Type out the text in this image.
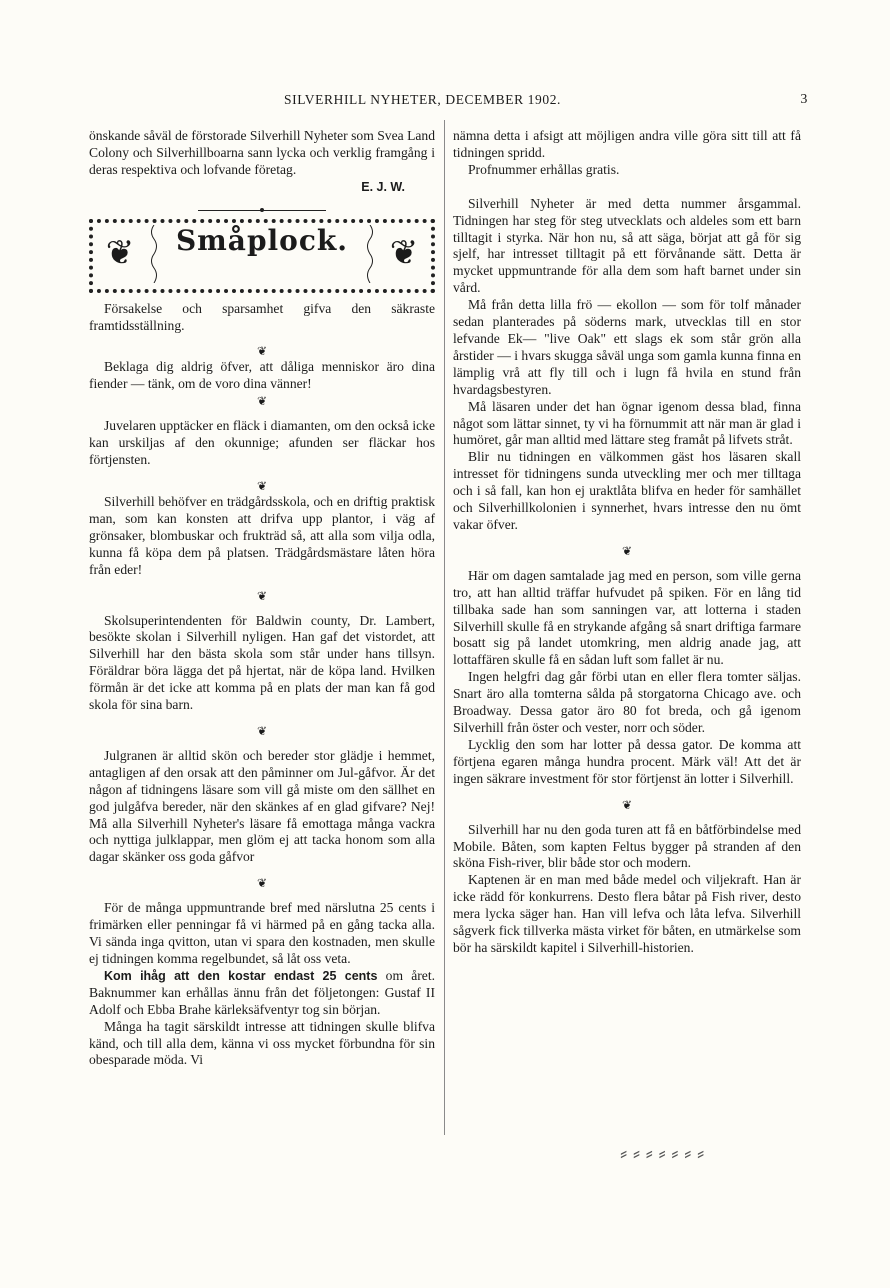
SILVERHILL NYHETER, DECEMBER 1902.	3

önskande såväl de förstorade Silverhill Nyheter som Svea Land Colony och Silverhillboarna sann lycka och verklig framgång i deras respektiva och lofvande företag.

E. J. W.
❦	Småplock.	❦

Försakelse och sparsamhet gifva den säkraste framtidsställning.

❦

Beklaga dig aldrig öfver, att dåliga menniskor äro dina fiender — tänk, om de voro dina vänner!

❦

Juvelaren upptäcker en fläck i diamanten, om den också icke kan urskiljas af den okunnige; afunden ser fläckar hos förtjensten.

❦

Silverhill behöfver en trädgårdsskola, och en driftig praktisk man, som kan konsten att drifva upp plantor, i väg af grönsaker, blombuskar och frukträd så, att alla som vilja odla, kunna få köpa dem på platsen. Trädgårdsmästare låten höra från eder!

❦

Skolsuperintendenten för Baldwin county, Dr. Lambert, besökte skolan i Silverhill nyligen. Han gaf det vistordet, att Silverhill har den bästa skola som står under hans tillsyn. Föräldrar böra lägga det på hjertat, när de köpa land. Hvilken förmån är det icke att komma på en plats der man kan få god skola för sina barn.

❦

Julgranen är alltid skön och bereder stor glädje i hemmet, antagligen af den orsak att den påminner om Jul-gåfvor. Är det någon af tidningens läsare som vill gå miste om den sällhet en god julgåfva bereder, när den skänkes af en glad gifvare? Nej! Må alla Silverhill Nyheter's läsare få emottaga många vackra och nyttiga julklappar, men glöm ej att tacka honom som alla dagar skänker oss goda gåfvor

❦

För de många uppmuntrande bref med närslutna 25 cents i frimärken eller penningar få vi härmed på en gång tacka alla. Vi sända inga qvitton, utan vi spara den kostnaden, men skulle ej tidningen komma regelbundet, så låt oss veta.

Kom ihåg att den kostar endast 25 cents om året. Baknummer kan erhållas ännu från det följetongen: Gustaf II Adolf och Ebba Brahe kärleksäfventyr tog sin början.

Många ha tagit särskildt intresse att tidningen skulle blifva känd, och till alla dem, känna vi oss mycket förbundna för sin obesparade möda. Vi

nämna detta i afsigt att möjligen andra ville göra sitt till att få tidningen spridd.

Profnummer erhållas gratis.

Silverhill Nyheter är med detta nummer årsgammal. Tidningen har steg för steg utvecklats och aldeles som ett barn tilltagit i styrka. När hon nu, så att säga, börjat att gå för sig sjelf, har intresset tilltagit på ett förvånande sätt. Detta är mycket uppmuntrande för alla dem som haft barnet under sin vård.

Må från detta lilla frö — ekollon — som för tolf månader sedan planterades på söderns mark, utvecklas till en stor lefvande Ek— "live Oak" ett slags ek som står grön alla årstider — i hvars skugga såväl unga som gamla kunna finna en lämplig vrå att fly till och i lugn få hvila en stund från hvardagsbestyren.

Må läsaren under det han ögnar igenom dessa blad, finna något som lättar sinnet, ty vi ha förnummit att när man är glad i humöret, går man alltid med lättare steg framåt på lifvets stråt.

Blir nu tidningen en välkommen gäst hos läsaren skall intresset för tidningens sunda utveckling mer och mer tilltaga och i så fall, kan hon ej uraktlåta blifva en heder för samhället och Silverhillkolonien i synnerhet, hvars intresse den nu ömt vakar öfver.

❦

Här om dagen samtalade jag med en person, som ville gerna tro, att han alltid träffar hufvudet på spiken. För en lång tid tillbaka sade han som sanningen var, att lotterna i staden Silverhill skulle få en strykande afgång så snart driftiga farmare bosatt sig på landet utomkring, men aldrig anade jag, att lottaffären skulle få en sådan luft som fallet är nu.

Ingen helgfri dag går förbi utan en eller flera tomter säljas. Snart äro alla tomterna sålda på storgatorna Chicago ave. och Broadway. Dessa gator äro 80 fot breda, och gå igenom Silverhill från öster och vester, norr och söder.

Lycklig den som har lotter på dessa gator. De komma att förtjena egaren många hundra procent. Märk väl! Att det är ingen säkrare investment för stor förtjenst än lotter i Silverhill.

❦

Silverhill har nu den goda turen att få en båtförbindelse med Mobile. Båten, som kapten Feltus bygger på stranden af den sköna Fish-river, blir både stor och modern.

Kaptenen är en man med både medel och viljekraft. Han är icke rädd för konkurrens. Desto flera båtar på Fish river, desto mera lycka säger han. Han vill lefva och låta lefva. Silverhill sågverk fick tillverka mästa virket för båten, en utmärkelse som bör ha särskildt kapitel i Silverhill-historien.

⸗ ⸗ ⸗ ⸗ ⸗ ⸗ ⸗
